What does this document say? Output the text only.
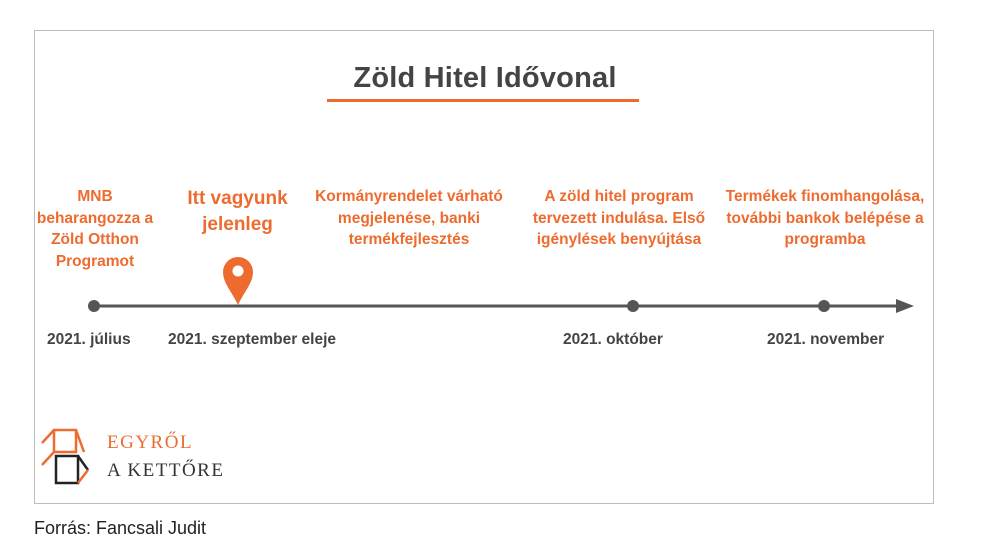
Zöld Hitel Idővonal
MNB beharangozza a Zöld Otthon Programot
Itt vagyunk jelenleg
Kormányrendelet várható megjelenése, banki termékfejlesztés
A zöld hitel program tervezett indulása. Első igénylések benyújtása
Termékek finomhangolása, további bankok belépése a programba
2021. július 2021. szeptember eleje	2021. október	2021. november
EGYRŐL
A KETTŐRE
Forrás: Fancsali Judit
